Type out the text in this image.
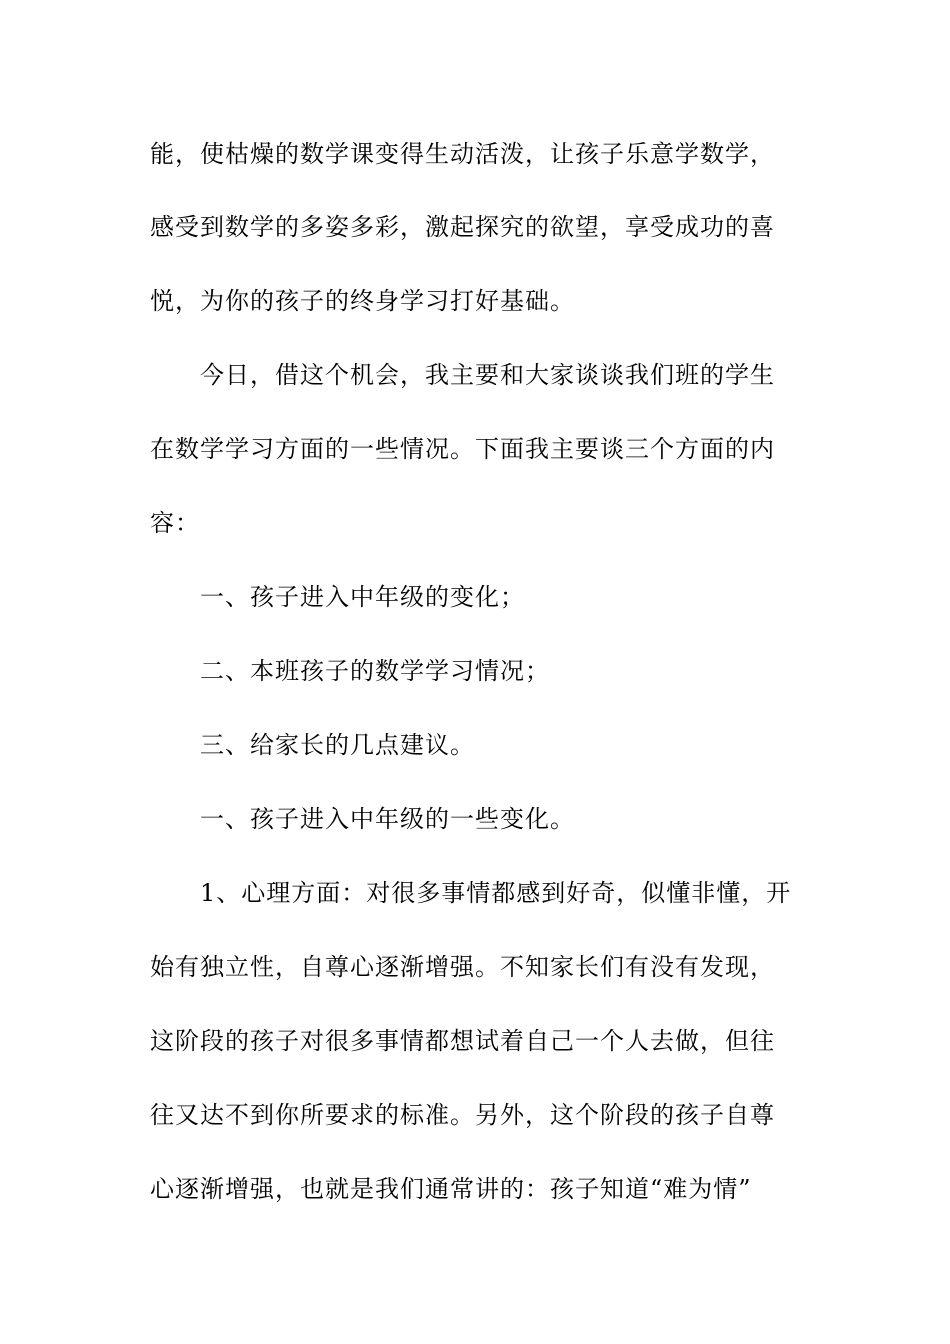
能，使枯燥的数学课变得生动活泼，让孩子乐意学数学，

感受到数学的多姿多彩，激起探究的欲望，享受成功的喜

悦，为你的孩子的终身学习打好基础。

今日，借这个机会，我主要和大家谈谈我们班的学生

在数学学习方面的一些情况。下面我主要谈三个方面的内

容：

一、孩子进入中年级的变化；

二、本班孩子的数学学习情况；

三、给家长的几点建议。

一、孩子进入中年级的一些变化。

1、心理方面：对很多事情都感到好奇，似懂非懂，开

始有独立性，自尊心逐渐增强。不知家长们有没有发现，

这阶段的孩子对很多事情都想试着自己一个人去做，但往

往又达不到你所要求的标准。另外，这个阶段的孩子自尊

心逐渐增强，也就是我们通常讲的：孩子知道“难为情”
